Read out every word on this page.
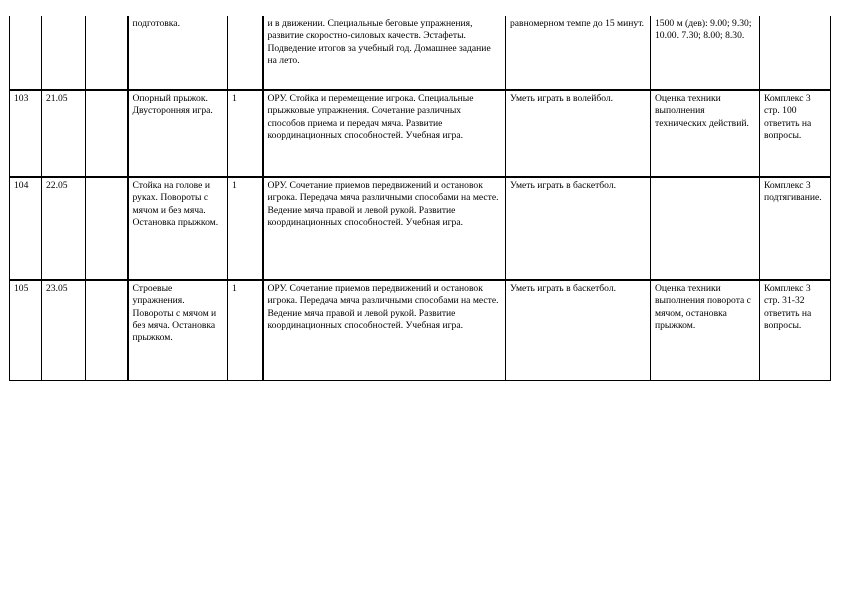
			подготовка.		и в движении. Специальные беговые упражнения, развитие скоростно-силовых качеств. Эстафеты. Подведение итогов за учебный год. Домашнее задание на лето.	равномерном темпе до 15 минут.	1500 м (дев): 9.00; 9.30; 10.00. 7.30; 8.00; 8.30.	
103	21.05		Опорный прыжок. Двусторонняя игра.	1	ОРУ. Стойка и перемещение игрока. Специальные прыжковые упражнения. Сочетание различных способов приема и передач мяча. Развитие координационных способностей. Учебная игра.	Уметь играть в волейбол.	Оценка техники выполнения технических действий.	Комплекс 3 стр. 100 ответить на вопросы.
104	22.05		Стойка на голове и руках. Повороты с мячом и без мяча. Остановка прыжком.	1	ОРУ. Сочетание приемов передвижений и остановок игрока. Передача мяча различными способами на месте. Ведение мяча правой и левой рукой. Развитие координационных способностей. Учебная игра.	Уметь играть в баскетбол.		Комплекс 3 подтягивание.
105	23.05		Строевые упражнения. Повороты с мячом и без мяча. Остановка прыжком.	1	ОРУ. Сочетание приемов передвижений и остановок игрока. Передача мяча различными способами на месте. Ведение мяча правой и левой рукой. Развитие координационных способностей. Учебная игра.	Уметь играть в баскетбол.	Оценка техники выполнения поворота с мячом, остановка прыжком.	Комплекс 3 стр. 31-32 ответить на вопросы.
